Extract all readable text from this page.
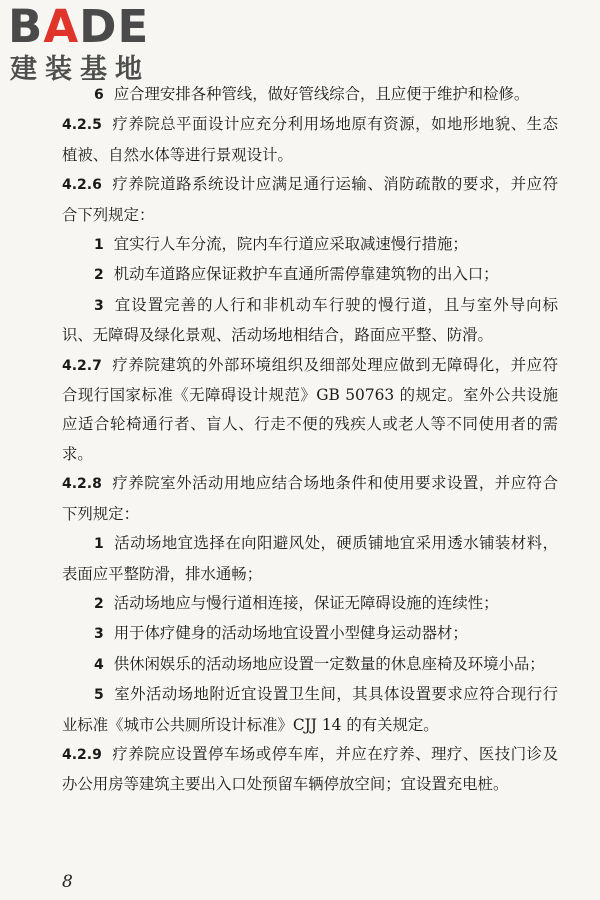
BADE
建装基地

6 应合理安排各种管线，做好管线综合，且应便于维护和检修。

4.2.5 疗养院总平面设计应充分利用场地原有资源，如地形地貌、生态植被、自然水体等进行景观设计。

4.2.6 疗养院道路系统设计应满足通行运输、消防疏散的要求，并应符合下列规定：

1 宜实行人车分流，院内车行道应采取减速慢行措施；

2 机动车道路应保证救护车直通所需停靠建筑物的出入口；

3 宜设置完善的人行和非机动车行驶的慢行道，且与室外导向标识、无障碍及绿化景观、活动场地相结合，路面应平整、防滑。

4.2.7 疗养院建筑的外部环境组织及细部处理应做到无障碍化，并应符合现行国家标准《无障碍设计规范》GB 50763 的规定。室外公共设施应适合轮椅通行者、盲人、行走不便的残疾人或老人等不同使用者的需求。

4.2.8 疗养院室外活动用地应结合场地条件和使用要求设置，并应符合下列规定：

1 活动场地宜选择在向阳避风处，硬质铺地宜采用透水铺装材料，表面应平整防滑，排水通畅；

2 活动场地应与慢行道相连接，保证无障碍设施的连续性；

3 用于体疗健身的活动场地宜设置小型健身运动器材；

4 供休闲娱乐的活动场地应设置一定数量的休息座椅及环境小品；

5 室外活动场地附近宜设置卫生间，其具体设置要求应符合现行行业标准《城市公共厕所设计标准》CJJ 14 的有关规定。

4.2.9 疗养院应设置停车场或停车库，并应在疗养、理疗、医技门诊及办公用房等建筑主要出入口处预留车辆停放空间；宜设置充电桩。

8
